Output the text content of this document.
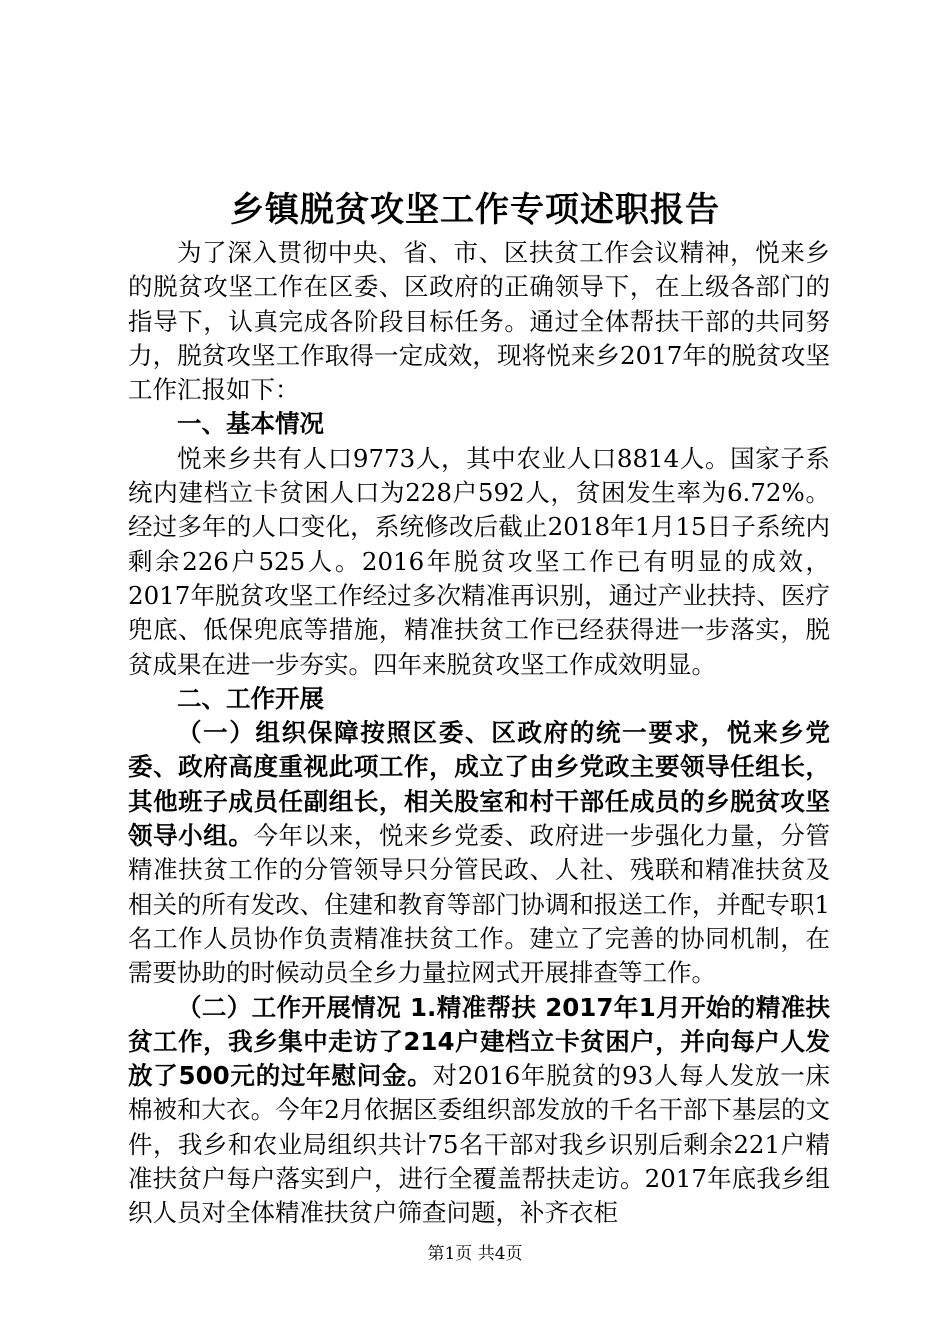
乡镇脱贫攻坚工作专项述职报告

为了深入贯彻中央、省、市、区扶贫工作会议精神，悦来乡的脱贫攻坚工作在区委、区政府的正确领导下，在上级各部门的指导下，认真完成各阶段目标任务。通过全体帮扶干部的共同努力，脱贫攻坚工作取得一定成效，现将悦来乡2017年的脱贫攻坚工作汇报如下：

一、基本情况

悦来乡共有人口9773人，其中农业人口8814人。国家子系统内建档立卡贫困人口为228户592人，贫困发生率为6.72%。经过多年的人口变化，系统修改后截止2018年1月15日子系统内剩余226户525人。2016年脱贫攻坚工作已有明显的成效，2017年脱贫攻坚工作经过多次精准再识别，通过产业扶持、医疗兜底、低保兜底等措施，精准扶贫工作已经获得进一步落实，脱贫成果在进一步夯实。四年来脱贫攻坚工作成效明显。

二、工作开展

（一）组织保障按照区委、区政府的统一要求，悦来乡党委、政府高度重视此项工作，成立了由乡党政主要领导任组长，其他班子成员任副组长，相关股室和村干部任成员的乡脱贫攻坚领导小组。今年以来，悦来乡党委、政府进一步强化力量，分管精准扶贫工作的分管领导只分管民政、人社、残联和精准扶贫及相关的所有发改、住建和教育等部门协调和报送工作，并配专职1名工作人员协作负责精准扶贫工作。建立了完善的协同机制，在需要协助的时候动员全乡力量拉网式开展排查等工作。

（二）工作开展情况 1.精准帮扶 2017年1月开始的精准扶贫工作，我乡集中走访了214户建档立卡贫困户，并向每户人发放了500元的过年慰问金。对2016年脱贫的93人每人发放一床棉被和大衣。今年2月依据区委组织部发放的千名干部下基层的文件，我乡和农业局组织共计75名干部对我乡识别后剩余221户精准扶贫户每户落实到户，进行全覆盖帮扶走访。2017年底我乡组织人员对全体精准扶贫户筛查问题，补齐衣柜

第1页 共4页
